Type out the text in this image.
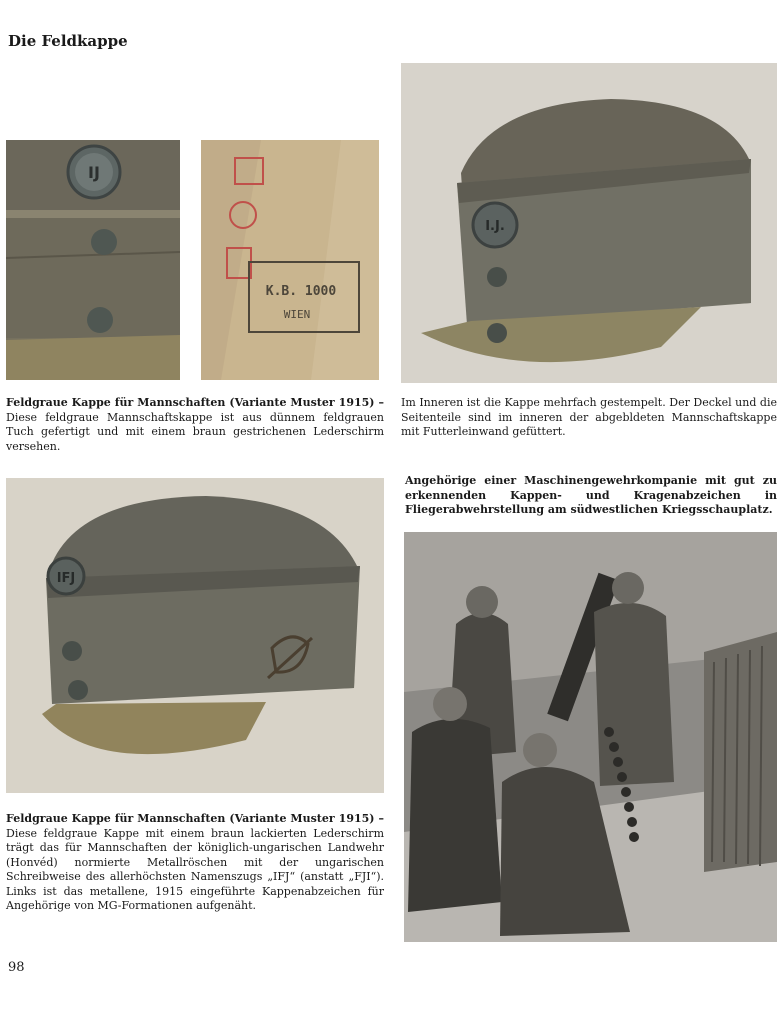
Die Feldkappe
IJ
K.B. 1000
WIEN
I.J.
Feldgraue Kappe für Mannschaften (Variante Muster 1915) – Diese feldgraue Mannschaftskappe ist aus dünnem feldgrauen Tuch gefertigt und mit einem braun gestrichenen Lederschirm versehen.
Im Inneren ist die Kappe mehrfach gestempelt. Der Deckel und die Seitenteile sind im inneren der abgebldeten Mannschaftskappe mit Futterleinwand gefüttert.
Angehörige einer Maschinengewehrkompanie mit gut zu erkennenden Kappen- und Kragenabzeichen in Fliegerabwehrstellung am südwestlichen Kriegsschauplatz.
IFJ
Feldgraue Kappe für Mannschaften (Variante Muster 1915) – Diese feldgraue Kappe mit einem braun lackierten Lederschirm trägt das für Mannschaften der königlich-ungarischen Landwehr (Honvéd) normierte Metallröschen mit der ungarischen Schreibweise des allerhöchsten Namenszugs „IFJ“ (anstatt „FJI“). Links ist das metallene, 1915 eingeführte Kappenabzeichen für Angehörige von MG-Formationen aufgenäht.
98
